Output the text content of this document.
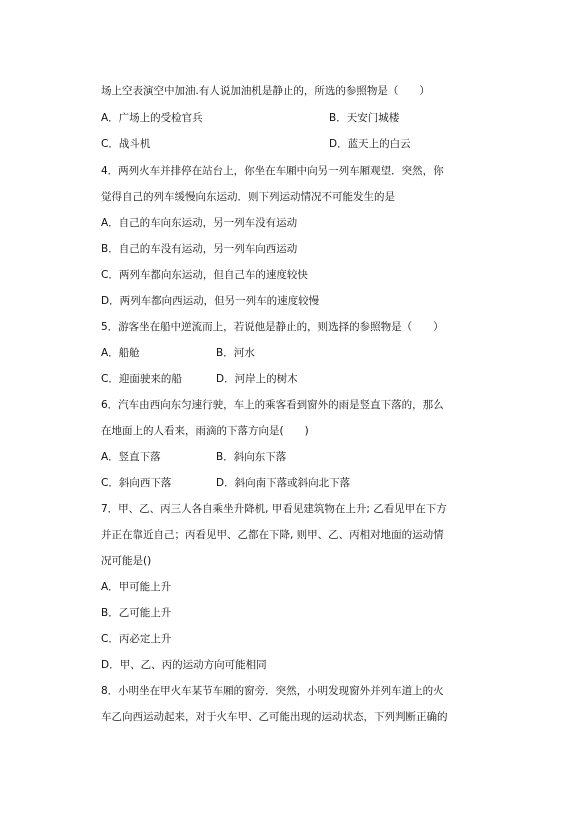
场上空表演空中加油.有人说加油机是静止的，所选的参照物是（　　）
A．广场上的受检官兵	B．天安门城楼
C．战斗机	D．蓝天上的白云
4．两列火车并排停在站台上，你坐在车厢中向另一列车厢观望．突然，你
觉得自己的列车缓慢向东运动．则下列运动情况不可能发生的是
A．自己的车向东运动，另一列车没有运动
B．自己的车没有运动，另一列车向西运动
C．两列车都向东运动，但自己车的速度较快
D．两列车都向西运动，但另一列车的速度较慢
5．游客坐在船中逆流而上，若说他是静止的，则选择的参照物是（　　）
A．船舱	B．河水
C．迎面驶来的船	D．河岸上的树木
6．汽车由西向东匀速行驶，车上的乘客看到窗外的雨是竖直下落的，那么
在地面上的人看来，雨滴的下落方向是(　　)
A．竖直下落	B．斜向东下落
C．斜向西下落	D．斜向南下落或斜向北下落
7．甲、乙、丙三人各自乘坐升降机, 甲看见建筑物在上升; 乙看见甲在下方
并正在靠近自己；丙看见甲、乙都在下降, 则甲、乙、丙相对地面的运动情
况可能是()
A．甲可能上升
B．乙可能上升
C．丙必定上升
D．甲、乙、丙的运动方向可能相同
8．小明坐在甲火车某节车厢的窗旁．突然，小明发现窗外并列车道上的火
车乙向西运动起来，对于火车甲、乙可能出现的运动状态，下列判断正确的
